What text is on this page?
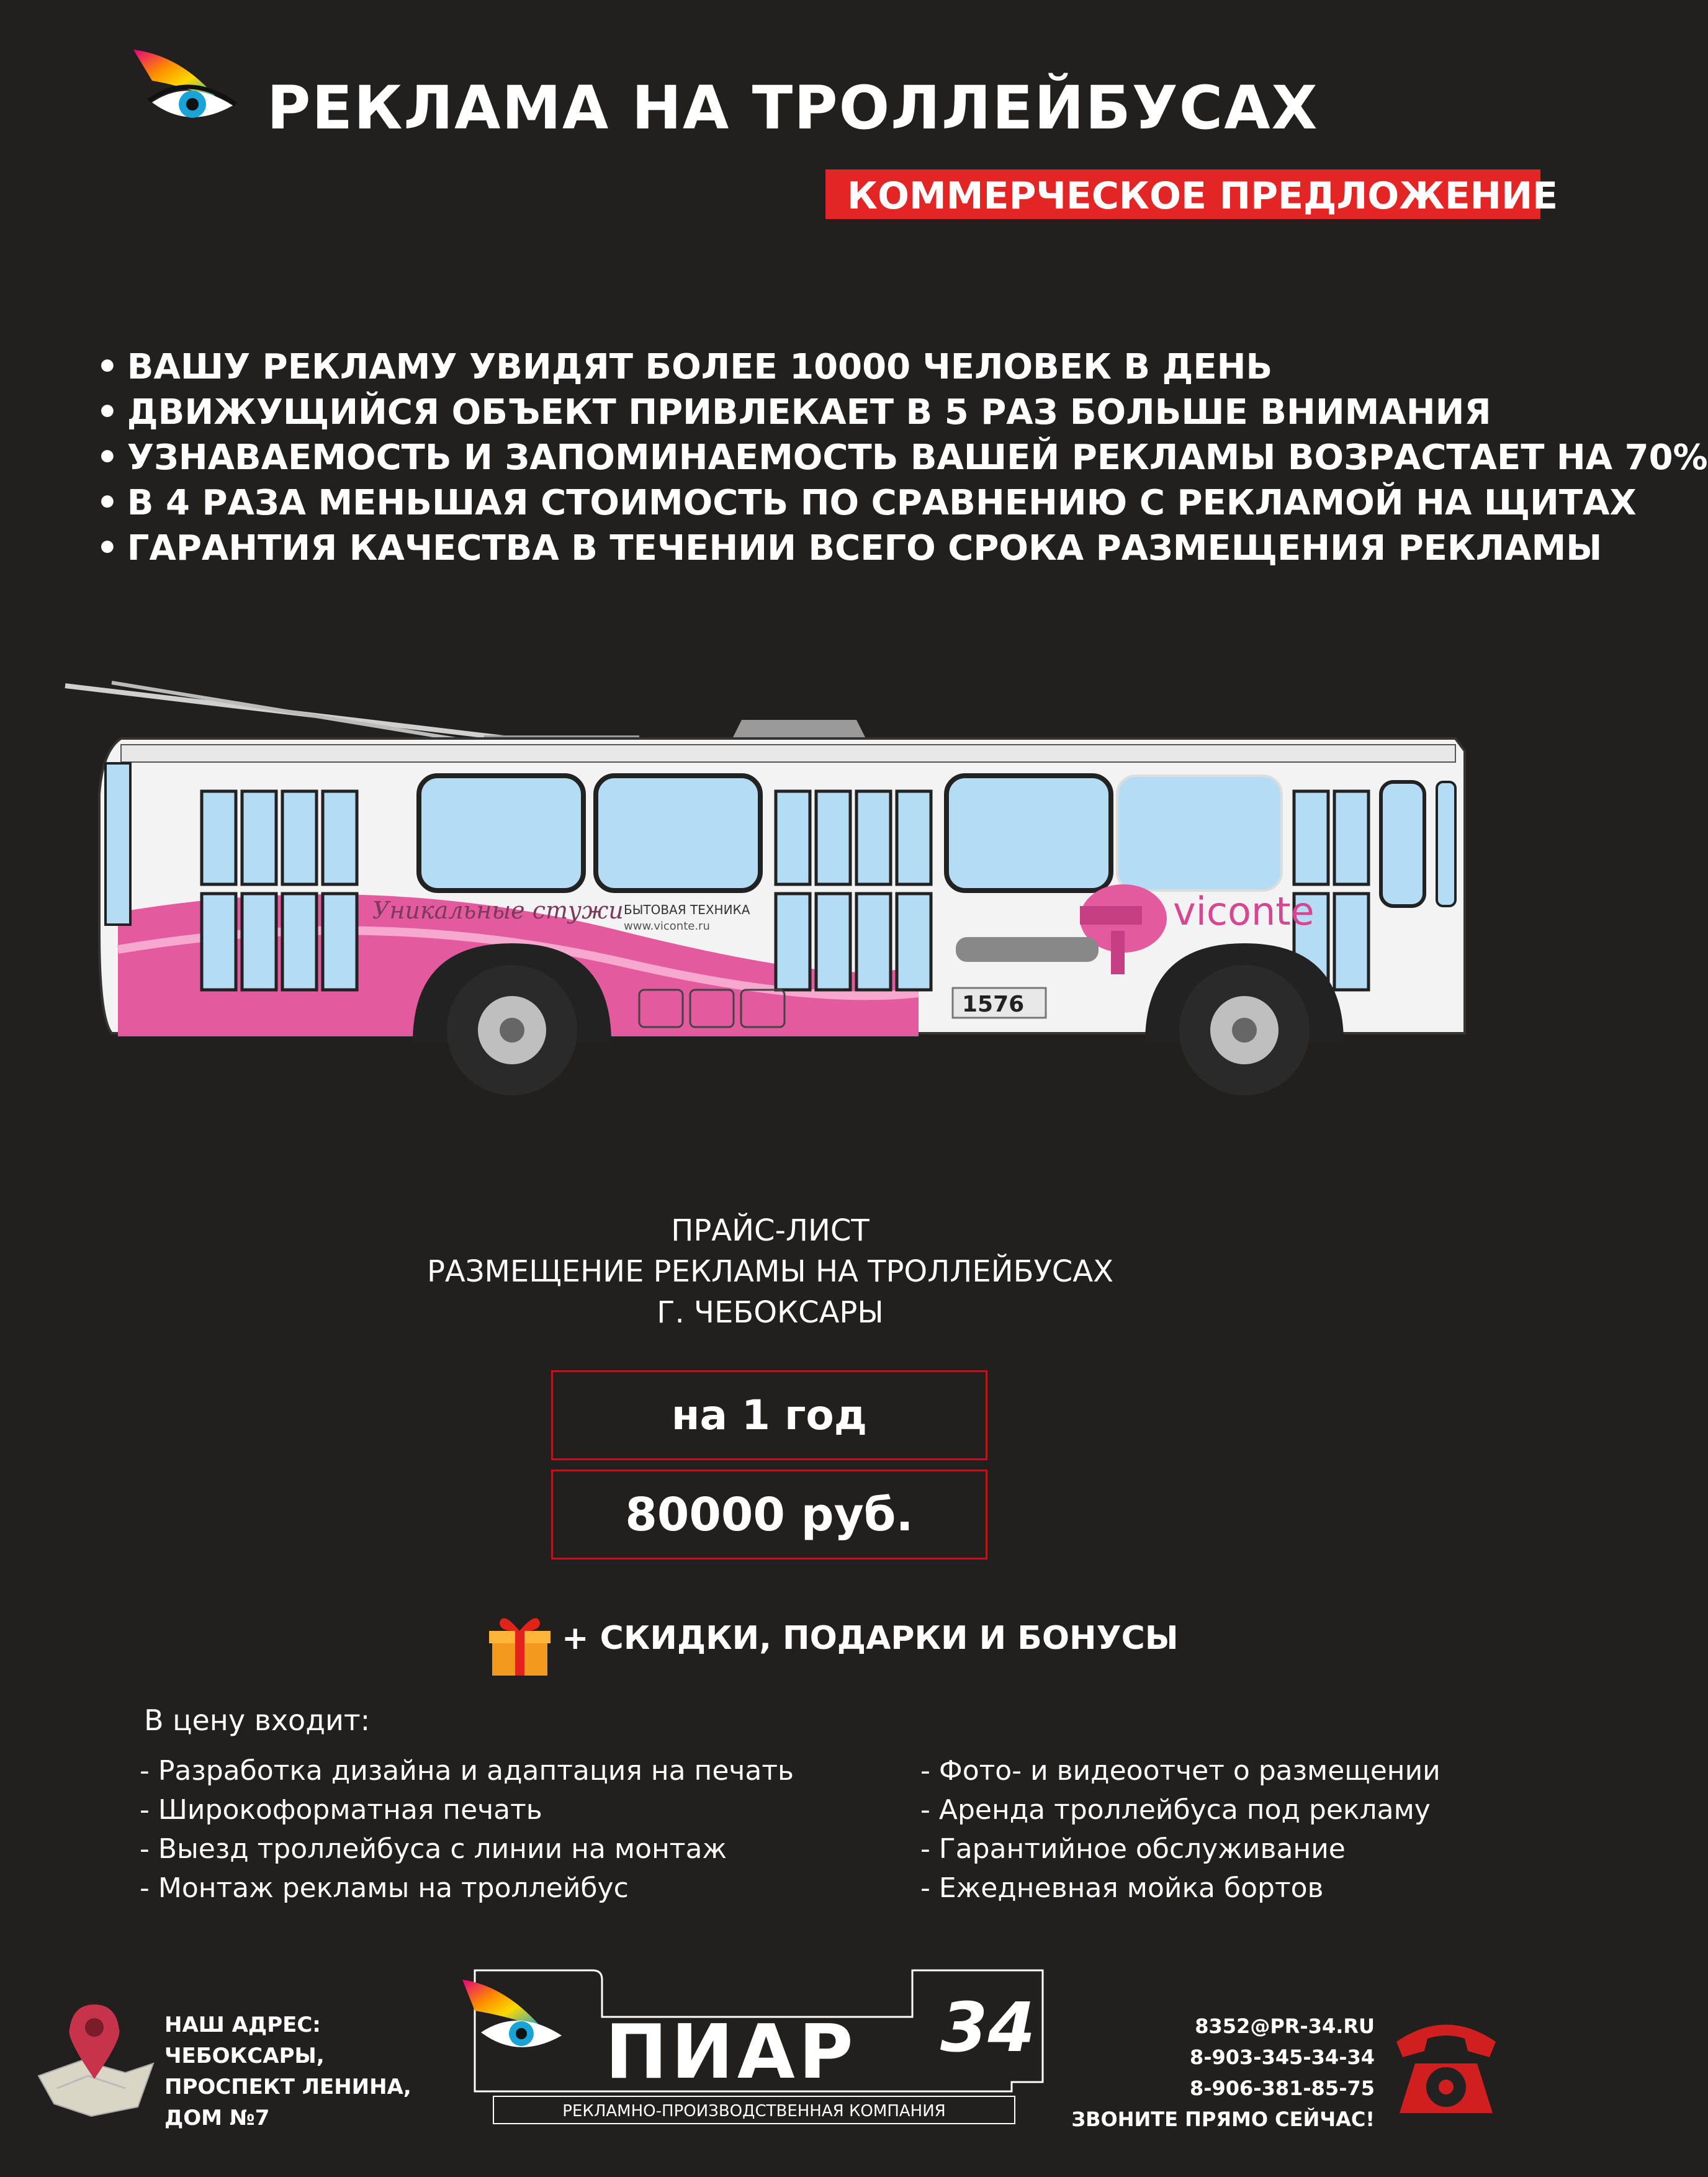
РЕКЛАМА НА ТРОЛЛЕЙБУСАХ
КОММЕРЧЕСКОЕ ПРЕДЛОЖЕНИЕ
• ВАШУ РЕКЛАМУ УВИДЯТ БОЛЕЕ 10000 ЧЕЛОВЕК В ДЕНЬ
• ДВИЖУЩИЙСЯ ОБЪЕКТ ПРИВЛЕКАЕТ В 5 РАЗ БОЛЬШЕ ВНИМАНИЯ
• УЗНАВАЕМОСТЬ И ЗАПОМИНАЕМОСТЬ ВАШЕЙ РЕКЛАМЫ ВОЗРАСТАЕТ НА 70%
• В 4 РАЗА МЕНЬШАЯ СТОИМОСТЬ ПО СРАВНЕНИЮ С РЕКЛАМОЙ НА ЩИТАХ
• ГАРАНТИЯ КАЧЕСТВА В ТЕЧЕНИИ ВСЕГО СРОКА РАЗМЕЩЕНИЯ РЕКЛАМЫ
Уникальные стужи БЫТОВАЯ ТЕХНИКА
www.viconte.ru	viconte
1576
ПРАЙС-ЛИСТ
РАЗМЕЩЕНИЕ РЕКЛАМЫ НА ТРОЛЛЕЙБУСАХ
Г. ЧЕБОКСАРЫ
на 1 год
80000 руб.
+ СКИДКИ, ПОДАРКИ И БОНУСЫ
В цену входит:
- Разработка дизайна и адаптация на печать
- Широкоформатная печать
- Выезд троллейбуса с линии на монтаж
- Монтаж рекламы на троллейбус
- Фото- и видеоотчет о размещении
- Аренда троллейбуса под рекламу
- Гарантийное обслуживание
- Ежедневная мойка бортов
НАШ АДРЕС:
ЧЕБОКСАРЫ,
ПРОСПЕКТ ЛЕНИНА,
ДОМ №7
ПИАР 34
РЕКЛАМНО-ПРОИЗВОДСТВЕННАЯ КОМПАНИЯ
8352@PR-34.RU
8-903-345-34-34
8-906-381-85-75
ЗВОНИТЕ ПРЯМО СЕЙЧАС!
